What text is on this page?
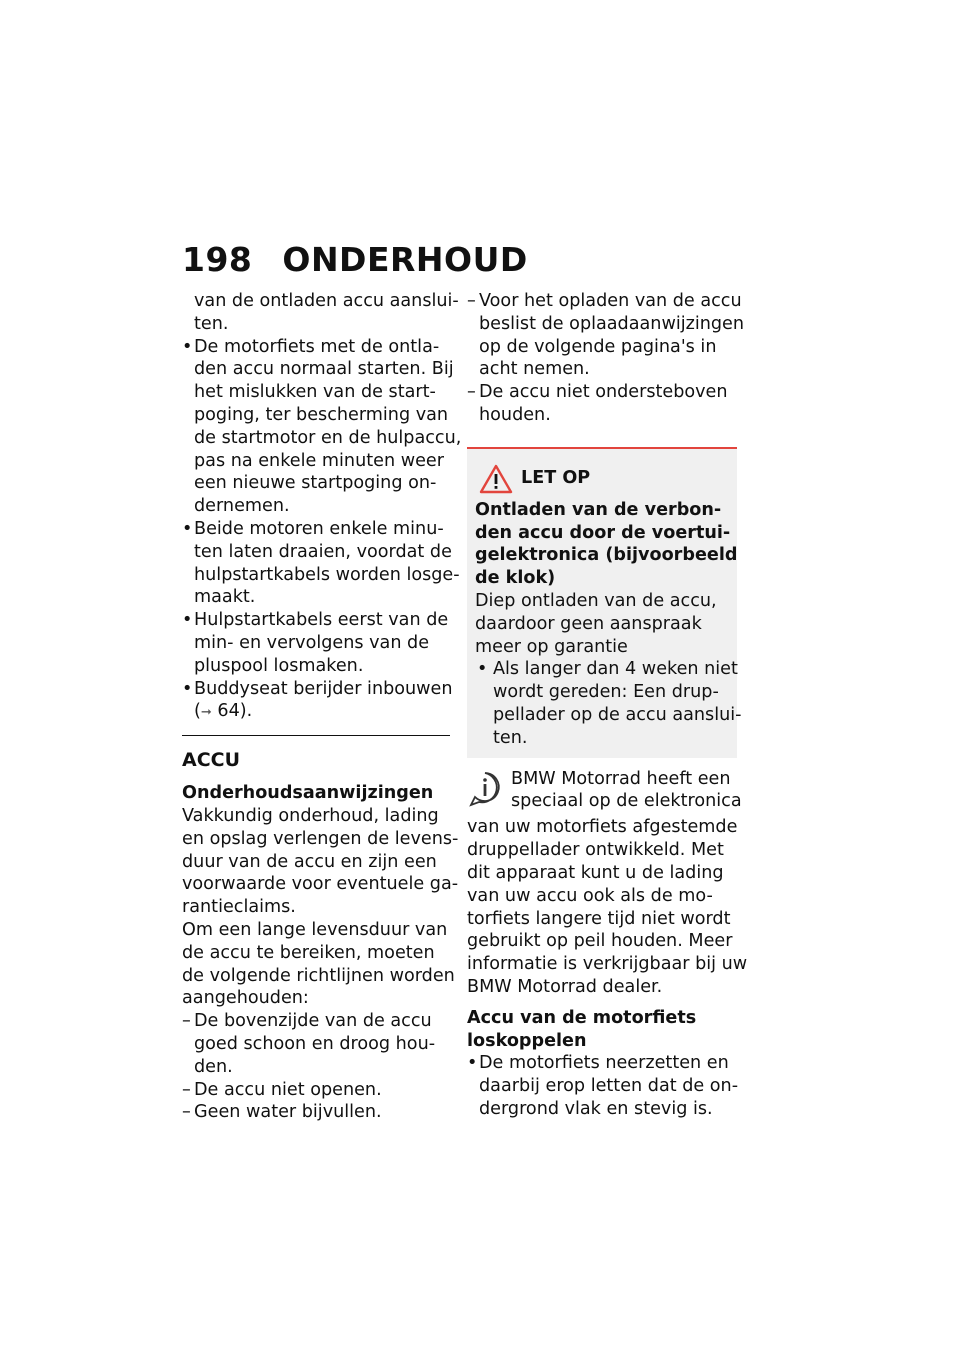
198 ONDERHOUD
van de ontladen accu aanslui-
ten.
• De motorfiets met de ontla-
den accu normaal starten. Bij
het mislukken van de start-
poging, ter bescherming van
de startmotor en de hulpaccu,
pas na enkele minuten weer
een nieuwe startpoging on-
dernemen.
• Beide motoren enkele minu-
ten laten draaien, voordat de
hulpstartkabels worden losge-
maakt.
• Hulpstartkabels eerst van de
min- en vervolgens van de
pluspool losmaken.
• Buddyseat berijder inbouwen
(➞ 64).
ACCU
Onderhoudsaanwijzingen
Vakkundig onderhoud, lading
en opslag verlengen de levens-
duur van de accu en zijn een
voorwaarde voor eventuele ga-
rantieclaims.
Om een lange levensduur van
de accu te bereiken, moeten
de volgende richtlijnen worden
aangehouden:
– De bovenzijde van de accu
goed schoon en droog hou-
den.
– De accu niet openen.
– Geen water bijvullen.
– Voor het opladen van de accu
beslist de oplaadaanwijzingen
op de volgende pagina's in
acht nemen.
– De accu niet ondersteboven
houden.
LET OP
Ontladen van de verbon-
den accu door de voertui-
gelektronica (bijvoorbeeld
de klok)
Diep ontladen van de accu,
daardoor geen aanspraak
meer op garantie
• Als langer dan 4 weken niet
wordt gereden: Een drup-
pellader op de accu aanslui-
ten.
BMW Motorrad heeft een
speciaal op de elektronica
van uw motorfiets afgestemde
druppellader ontwikkeld. Met
dit apparaat kunt u de lading
van uw accu ook als de mo-
torfiets langere tijd niet wordt
gebruikt op peil houden. Meer
informatie is verkrijgbaar bij uw
BMW Motorrad dealer.
Accu van de motorfiets
loskoppelen
• De motorfiets neerzetten en
daarbij erop letten dat de on-
dergrond vlak en stevig is.
